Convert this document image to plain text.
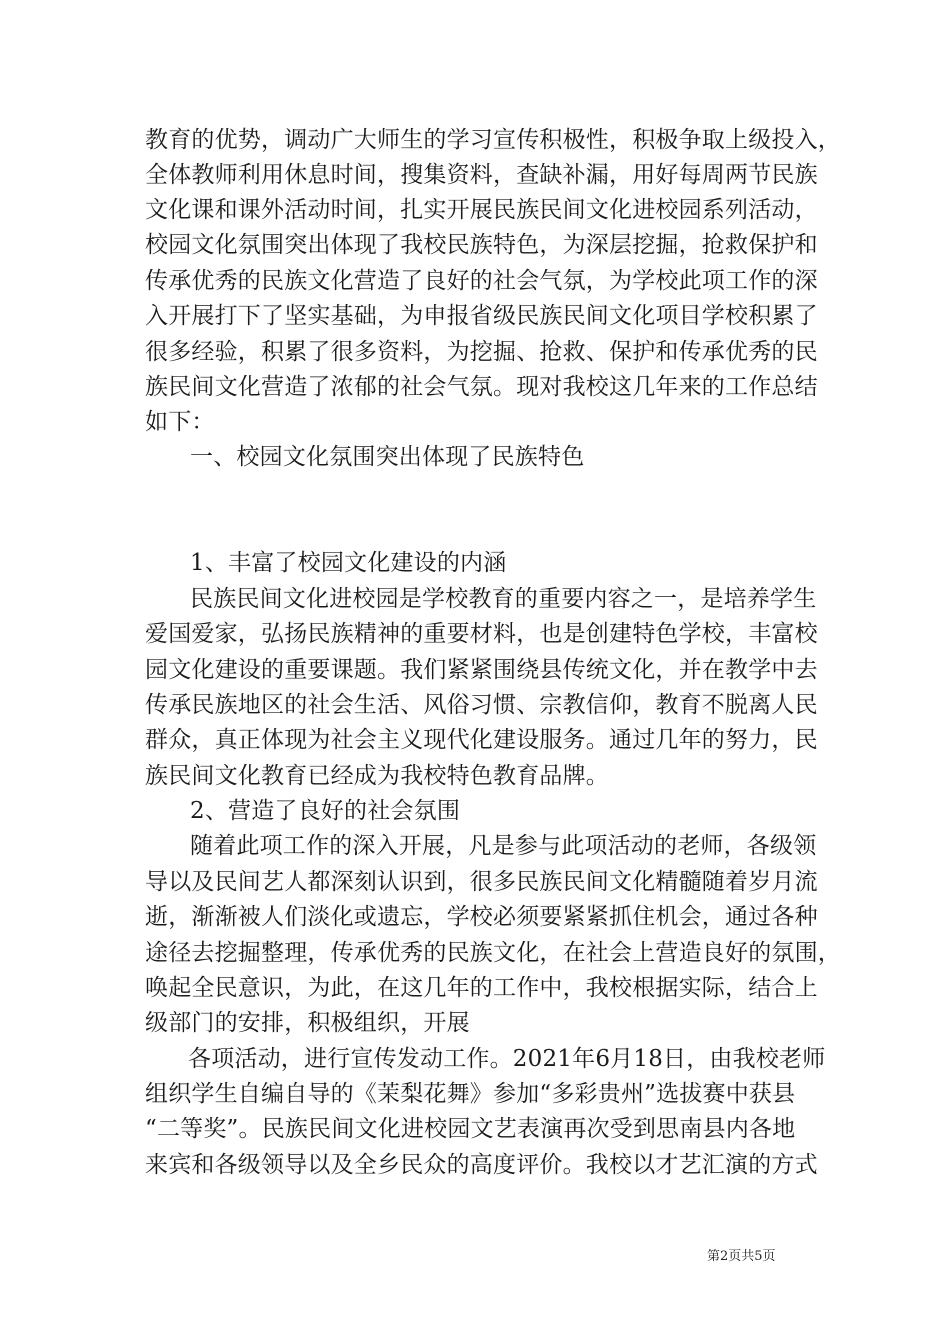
教育的优势，调动广大师生的学习宣传积极性，积极争取上级投入，
全体教师利用休息时间，搜集资料，查缺补漏，用好每周两节民族
文化课和课外活动时间，扎实开展民族民间文化进校园系列活动，
校园文化氛围突出体现了我校民族特色，为深层挖掘，抢救保护和
传承优秀的民族文化营造了良好的社会气氛，为学校此项工作的深
入开展打下了坚实基础，为申报省级民族民间文化项目学校积累了
很多经验，积累了很多资料，为挖掘、抢救、保护和传承优秀的民
族民间文化营造了浓郁的社会气氛。现对我校这几年来的工作总结
如下：
一、校园文化氛围突出体现了民族特色
1、丰富了校园文化建设的内涵
民族民间文化进校园是学校教育的重要内容之一，是培养学生
爱国爱家，弘扬民族精神的重要材料，也是创建特色学校，丰富校
园文化建设的重要课题。我们紧紧围绕县传统文化，并在教学中去
传承民族地区的社会生活、风俗习惯、宗教信仰，教育不脱离人民
群众，真正体现为社会主义现代化建设服务。通过几年的努力，民
族民间文化教育已经成为我校特色教育品牌。
2、营造了良好的社会氛围
随着此项工作的深入开展，凡是参与此项活动的老师，各级领
导以及民间艺人都深刻认识到，很多民族民间文化精髓随着岁月流
逝，渐渐被人们淡化或遗忘，学校必须要紧紧抓住机会，通过各种
途径去挖掘整理，传承优秀的民族文化，在社会上营造良好的氛围，
唤起全民意识，为此，在这几年的工作中，我校根据实际，结合上
级部门的安排，积极组织，开展
各项活动，进行宣传发动工作。2021年6月18日，由我校老师
组织学生自编自导的《茉梨花舞》参加“多彩贵州”选拔赛中获县
“二等奖”。民族民间文化进校园文艺表演再次受到思南县内各地
来宾和各级领导以及全乡民众的高度评价。我校以才艺汇演的方式
第2页共5页
